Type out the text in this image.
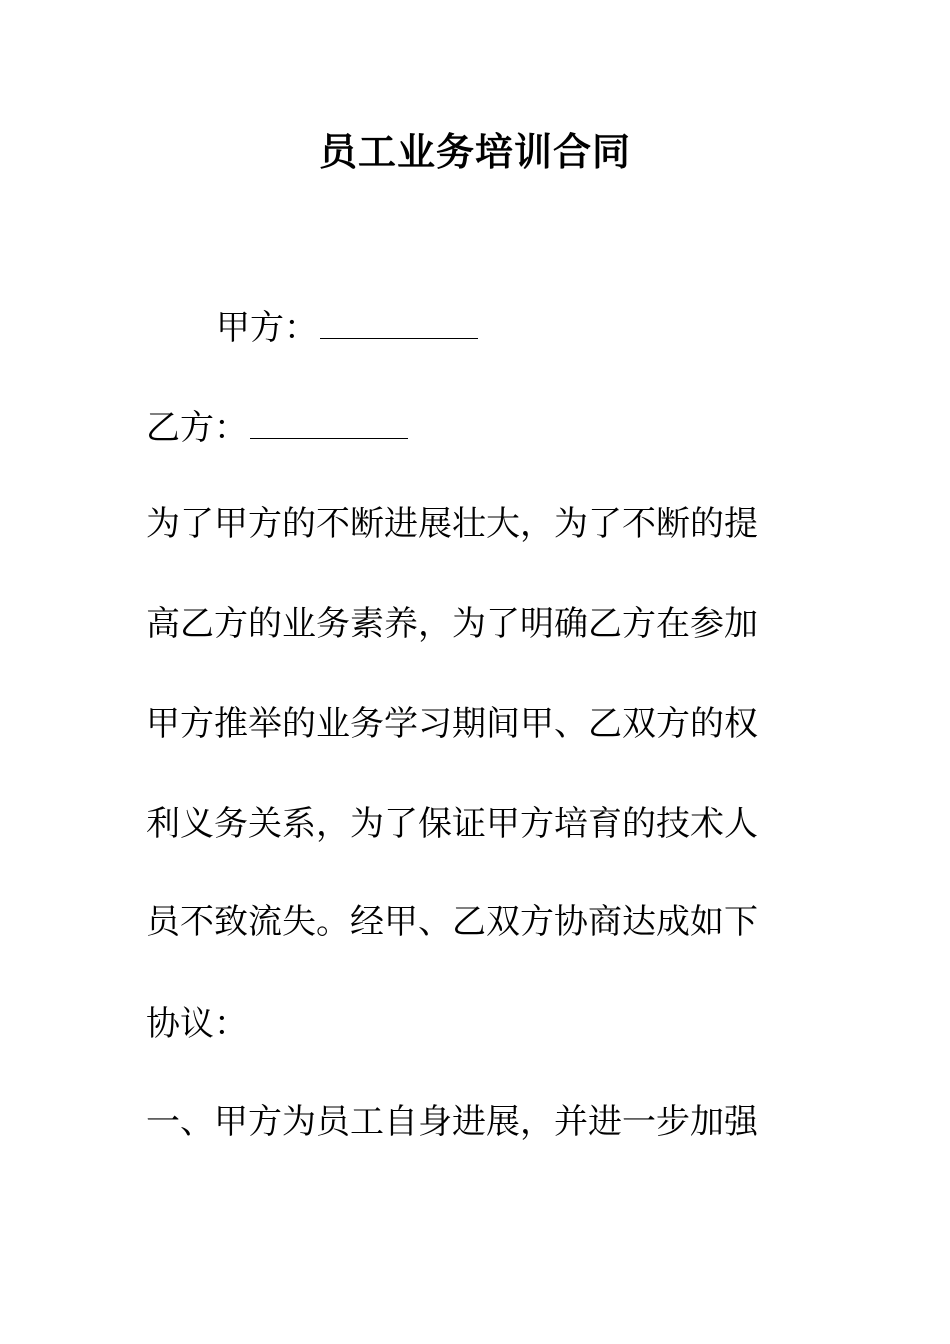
员工业务培训合同
甲方：
乙方：
为了甲方的不断进展壮大，为了不断的提
高乙方的业务素养，为了明确乙方在参加
甲方推举的业务学习期间甲、乙双方的权
利义务关系，为了保证甲方培育的技术人
员不致流失。经甲、乙双方协商达成如下
协议：
一、甲方为员工自身进展，并进一步加强
